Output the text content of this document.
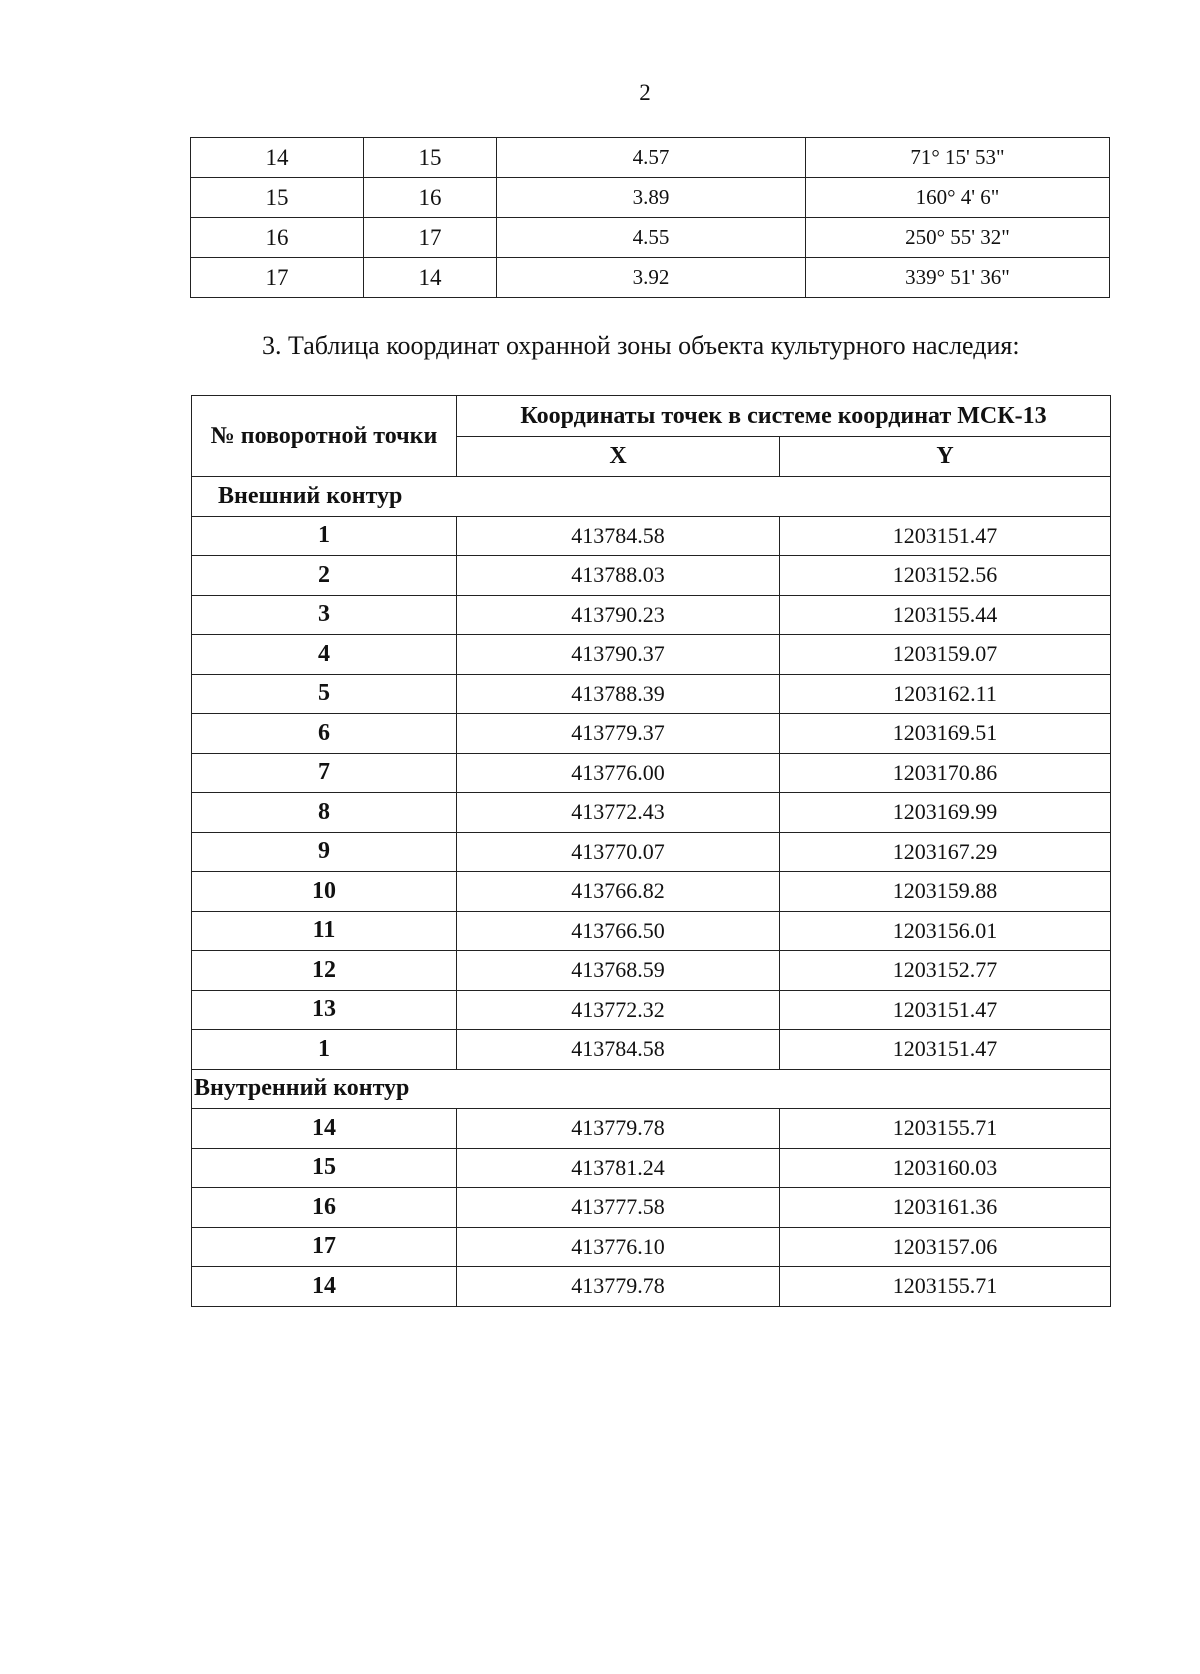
2
14	15	4.57	71° 15' 53"
15	16	3.89	160° 4' 6"
16	17	4.55	250° 55' 32"
17	14	3.92	339° 51' 36"
3. Таблица координат охранной зоны объекта культурного наследия:
№ поворотной точки	Координаты точек в системе координат МСК-13	
	X	Y
Внешний контур		
1	413784.58	1203151.47
2	413788.03	1203152.56
3	413790.23	1203155.44
4	413790.37	1203159.07
5	413788.39	1203162.11
6	413779.37	1203169.51
7	413776.00	1203170.86
8	413772.43	1203169.99
9	413770.07	1203167.29
10	413766.82	1203159.88
11	413766.50	1203156.01
12	413768.59	1203152.77
13	413772.32	1203151.47
1	413784.58	1203151.47
Внутренний контур		
14	413779.78	1203155.71
15	413781.24	1203160.03
16	413777.58	1203161.36
17	413776.10	1203157.06
14	413779.78	1203155.71
